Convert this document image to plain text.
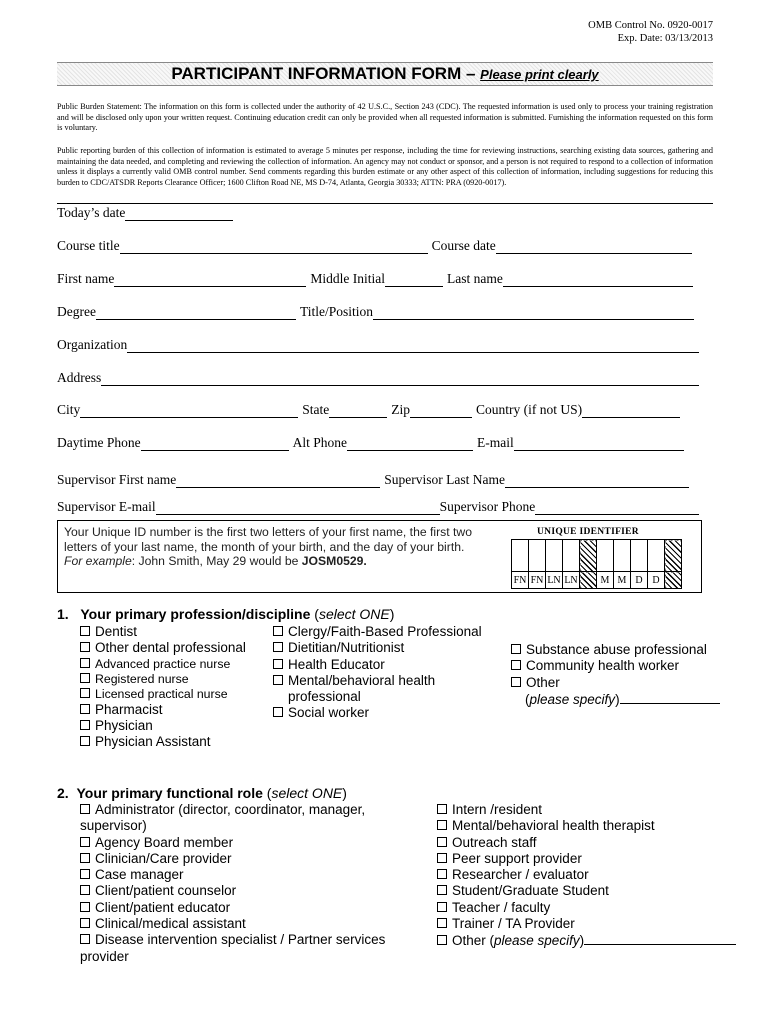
OMB Control No. 0920-0017
Exp. Date: 03/13/2013
PARTICIPANT INFORMATION FORM – Please print clearly
Public Burden Statement: The information on this form is collected under the authority of 42 U.S.C., Section 243 (CDC). The requested information is used only to process your training registration and will be disclosed only upon your written request. Continuing education credit can only be provided when all requested information is submitted. Furnishing the information requested on this form is voluntary.
Public reporting burden of this collection of information is estimated to average 5 minutes per response, including the time for reviewing instructions, searching existing data sources, gathering and maintaining the data needed, and completing and reviewing the collection of information. An agency may not conduct or sponsor, and a person is not required to respond to a collection of information unless it displays a currently valid OMB control number. Send comments regarding this burden estimate or any other aspect of this collection of information, including suggestions for reducing this burden to CDC/ATSDR Reports Clearance Officer; 1600 Clifton Road NE, MS D-74, Atlanta, Georgia 30333; ATTN: PRA (0920-0017).
Today’s date
Course title	Course date
First name	Middle Initial	Last name
Degree	Title/Position
Organization
Address
City	State	Zip	Country (if not US)
Daytime Phone	Alt Phone	E-mail
Supervisor First name	Supervisor Last Name
Supervisor E-mail	Supervisor Phone
Your Unique ID number is the first two letters of your first name, the first two letters of your last name, the month of your birth, and the day of your birth. For example: John Smith, May 29 would be JOSM0529.
UNIQUE IDENTIFIER

FN	FN	LN	LN		M	M	D	D	
1. Your primary profession/discipline (select ONE)
Dentist
Other dental professional
Advanced practice nurse
Registered nurse
Licensed practical nurse
Pharmacist
Physician
Physician Assistant
Clergy/Faith-Based Professional
Dietitian/Nutritionist
Health Educator
Mental/behavioral health
professional
Social worker
Substance abuse professional
Community health worker
Other
(please specify)
2. Your primary functional role (select ONE)
Administrator (director, coordinator, manager,
supervisor)
Agency Board member
Clinician/Care provider
Case manager
Client/patient counselor
Client/patient educator
Clinical/medical assistant
Disease intervention specialist / Partner services
provider
Intern /resident
Mental/behavioral health therapist
Outreach staff
Peer support provider
Researcher / evaluator
Student/Graduate Student
Teacher / faculty
Trainer / TA Provider
Other (please specify)
